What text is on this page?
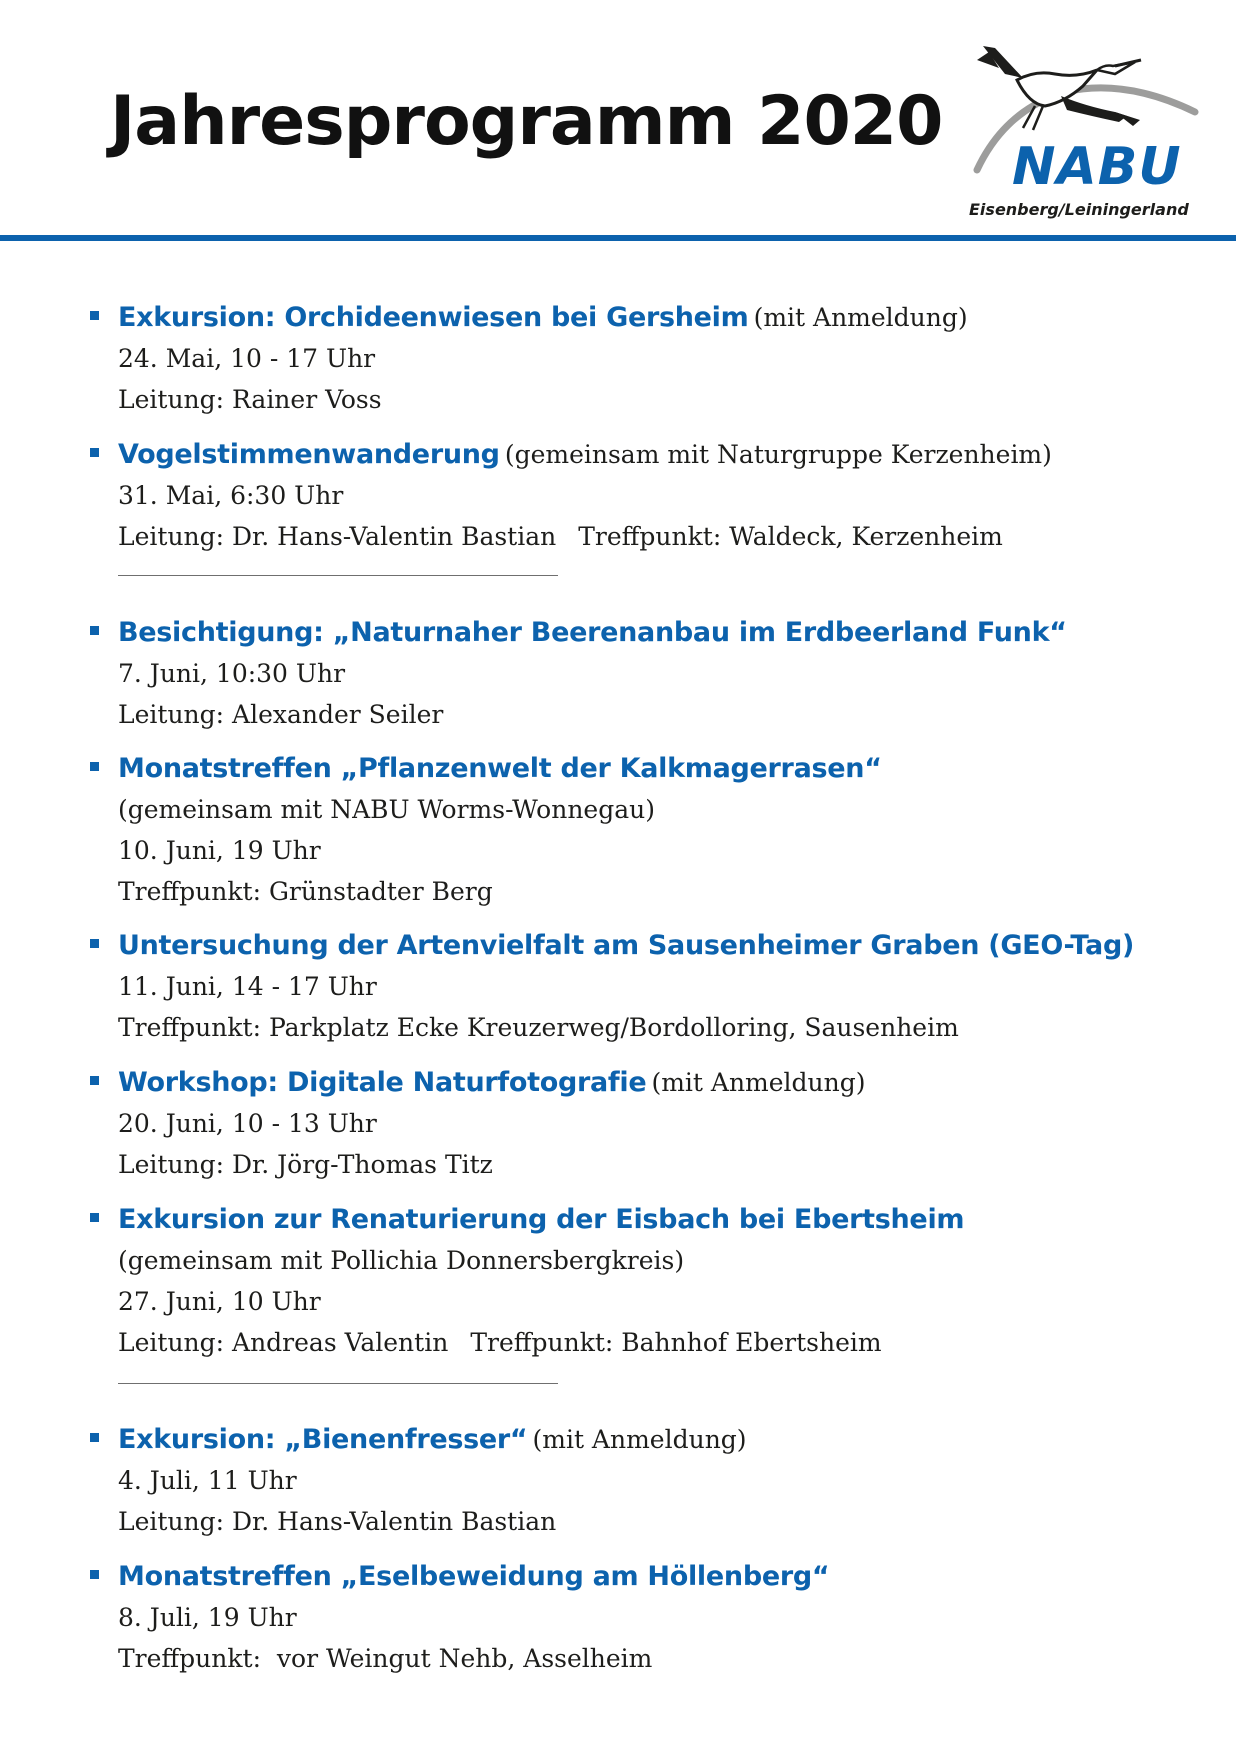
Jahresprogramm 2020
NABU
Eisenberg/Leiningerland
Exkursion: Orchideenwiesen bei Gersheim (mit Anmeldung)
24. Mai, 10 - 17 Uhr
Leitung: Rainer Voss
Vogelstimmenwanderung (gemeinsam mit Naturgruppe Kerzenheim)
31. Mai, 6:30 Uhr
Leitung: Dr. Hans-Valentin Bastian Treffpunkt: Waldeck, Kerzenheim
Besichtigung: „Naturnaher Beerenanbau im Erdbeerland Funk“
7. Juni, 10:30 Uhr
Leitung: Alexander Seiler
Monatstreffen „Pflanzenwelt der Kalkmagerrasen“
(gemeinsam mit NABU Worms-Wonnegau)
10. Juni, 19 Uhr
Treffpunkt: Grünstadter Berg
Untersuchung der Artenvielfalt am Sausenheimer Graben (GEO-Tag)
11. Juni, 14 - 17 Uhr
Treffpunkt: Parkplatz Ecke Kreuzerweg/Bordolloring, Sausenheim
Workshop: Digitale Naturfotografie (mit Anmeldung)
20. Juni, 10 - 13 Uhr
Leitung: Dr. Jörg-Thomas Titz
Exkursion zur Renaturierung der Eisbach bei Ebertsheim
(gemeinsam mit Pollichia Donnersbergkreis)
27. Juni, 10 Uhr
Leitung: Andreas Valentin Treffpunkt: Bahnhof Ebertsheim
Exkursion: „Bienenfresser“ (mit Anmeldung)
4. Juli, 11 Uhr
Leitung: Dr. Hans-Valentin Bastian
Monatstreffen „Eselbeweidung am Höllenberg“
8. Juli, 19 Uhr
Treffpunkt:  vor Weingut Nehb, Asselheim
